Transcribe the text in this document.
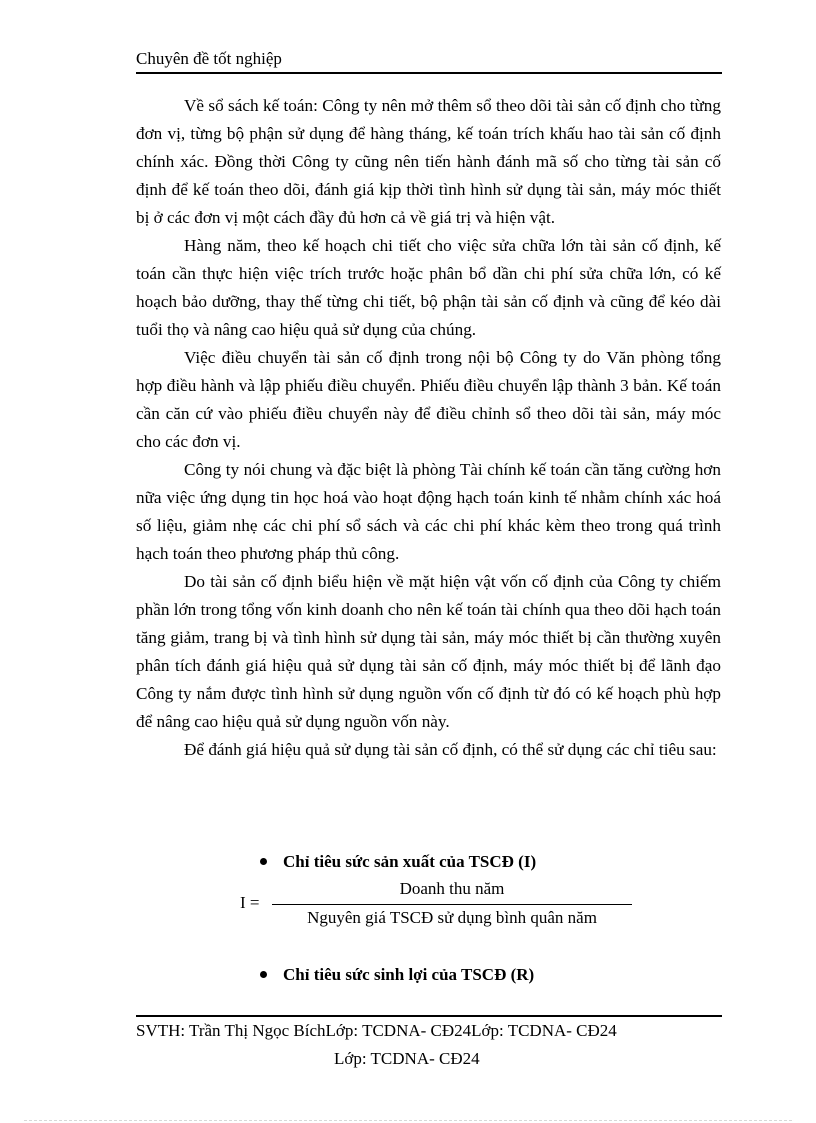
Chuyên đề tốt nghiệp

Về sổ sách kế toán: Công ty nên mở thêm sổ theo dõi tài sản cố định cho từng đơn vị, từng bộ phận sử dụng để hàng tháng, kế toán trích khấu hao tài sản cố định chính xác. Đồng thời Công ty cũng nên tiến hành đánh mã số cho từng tài sản cố định để kế toán theo dõi, đánh giá kịp thời tình hình sử dụng tài sản, máy móc thiết bị ở các đơn vị một cách đầy đủ hơn cả về giá trị và hiện vật.

Hàng năm, theo kế hoạch chi tiết cho việc sửa chữa lớn tài sản cố định, kế toán cần thực hiện việc trích trước hoặc phân bổ dần chi phí sửa chữa lớn, có kế hoạch bảo dưỡng, thay thế từng chi tiết, bộ phận tài sản cố định và cũng để kéo dài tuổi thọ và nâng cao hiệu quả sử dụng của chúng.

Việc điều chuyển tài sản cố định trong nội bộ Công ty do Văn phòng tổng hợp điều hành và lập phiếu điều chuyển. Phiếu điều chuyển lập thành 3 bản. Kế toán cần căn cứ vào phiếu điều chuyển này để điều chỉnh sổ theo dõi tài sản, máy móc cho các đơn vị.

Công ty nói chung và đặc biệt là phòng Tài chính kế toán cần tăng cường hơn nữa việc ứng dụng tin học hoá vào hoạt động hạch toán kinh tế nhằm chính xác hoá số liệu, giảm nhẹ các chi phí sổ sách và các chi phí khác kèm theo trong quá trình hạch toán theo phương pháp thủ công.

Do tài sản cố định biểu hiện về mặt hiện vật vốn cố định của Công ty chiếm phần lớn trong tổng vốn kinh doanh cho nên kế toán tài chính qua theo dõi hạch toán tăng giảm, trang bị và tình hình sử dụng tài sản, máy móc thiết bị cần thường xuyên phân tích đánh giá hiệu quả sử dụng tài sản cố định, máy móc thiết bị để lãnh đạo Công ty nắm được tình hình sử dụng nguồn vốn cố định từ đó có kế hoạch phù hợp để nâng cao hiệu quả sử dụng nguồn vốn này.

Để đánh giá hiệu quả sử dụng tài sản cố định, có thể sử dụng các chỉ tiêu sau:

Chỉ tiêu sức sản xuất của TSCĐ (I)
I =
Doanh thu năm
Nguyên giá TSCĐ sử dụng bình quân năm
Chỉ tiêu sức sinh lợi của TSCĐ (R)
SVTH: Trần Thị Ngọc BíchLớp: TCDNA- CĐ24Lớp: TCDNA- CĐ24
Lớp: TCDNA- CĐ24
